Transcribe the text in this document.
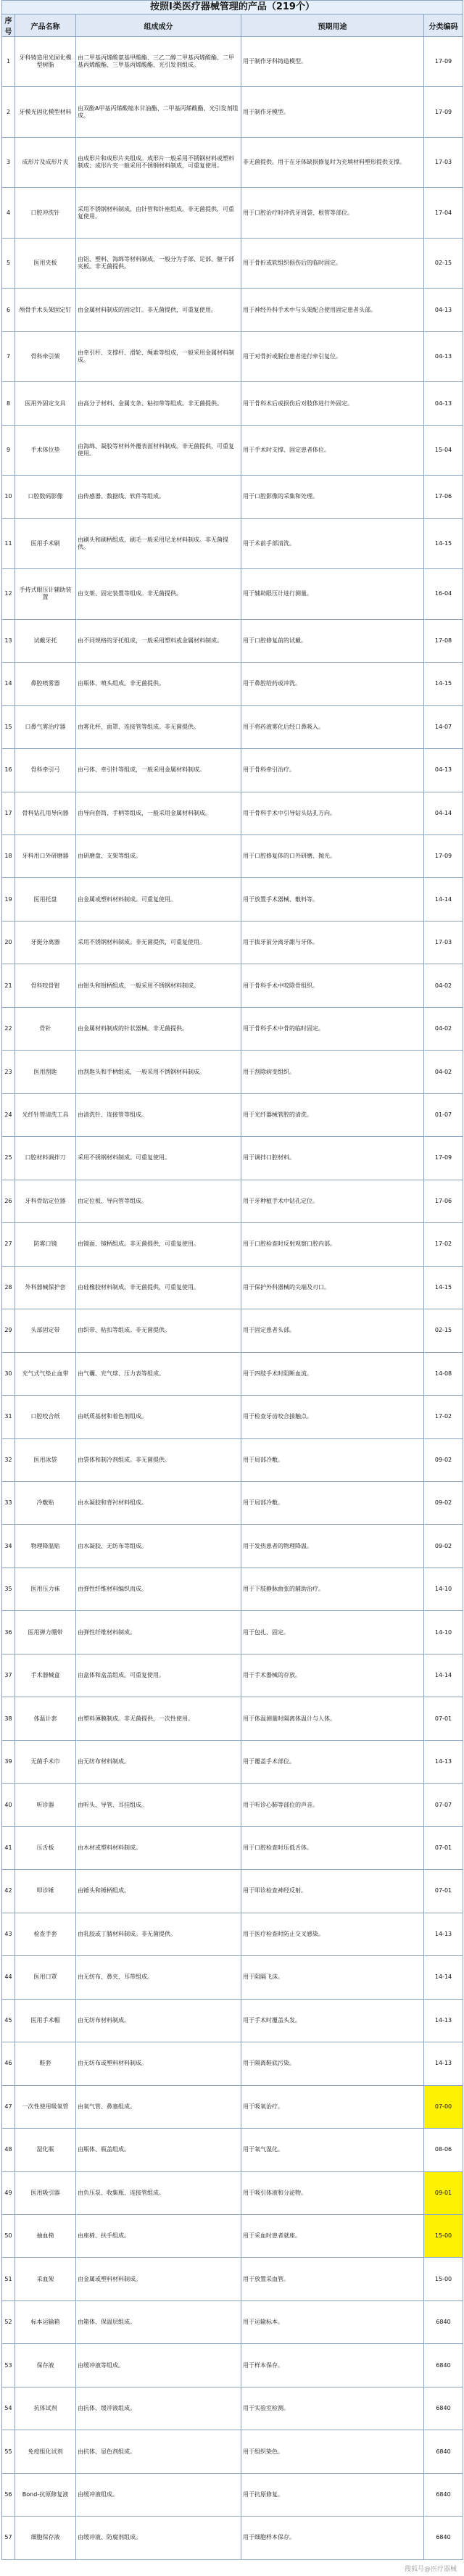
按照I类医疗器械管理的产品（219个）
序号	产品名称	组成成分	预期用途	分类编码
1	牙科铸造用光固化模型树脂	由二甲基丙烯酸氨基甲酸酯、三乙二醇二甲基丙烯酸酯、二甲基丙烯酸酯、三甲基丙烯酸酯、光引发剂组成。	用于制作牙科铸造模型。	17-09
2	牙模光固化模型材料	由双酚A甲基丙烯酸缩水甘油酯、二甲基丙烯酸酯、光引发剂组成。	用于制作牙模型。	17-09
3	成形片及成形片夹	由成形片和成形片夹组成。成形片一般采用不锈钢材料或塑料制成；成形片夹一般采用不锈钢材料制成，可重复使用。	非无菌提供。用于在牙体缺损修复时为充填材料塑形提供支撑。	17-03
4	口腔冲洗针	采用不锈钢材料制成，由针管和针座组成。非无菌提供，可重复使用。	用于口腔治疗时冲洗牙周袋、根管等部位。	17-04
5	医用夹板	由铝、塑料、海绵等材料制成，一般分为手部、足部、躯干部夹板。非无菌提供。	用于骨折或软组织损伤后的临时固定。	02-15
6	颅骨手术头架固定钉	由金属材料制成的固定钉。非无菌提供，可重复使用。	用于神经外科手术中与头架配合使用固定患者头部。	04-13
7	骨科牵引架	由牵引杆、支撑杆、滑轮、绳索等组成，一般采用金属材料制成。	用于对骨折或脱位患者进行牵引复位。	04-13
8	医用外固定支具	由高分子材料、金属支条、粘扣带等组成。非无菌提供。	用于骨科术后或损伤后对肢体进行外固定。	04-13
9	手术体位垫	由海绵、凝胶等材料外覆表面材料制成。非无菌提供，可重复使用。	用于手术时支撑、固定患者体位。	15-04
10	口腔数码影像	由传感器、数据线、软件等组成。	用于口腔影像的采集和处理。	17-06
11	医用手术刷	由刷头和刷柄组成，刷毛一般采用尼龙材料制成。非无菌提供。	用于术前手部清洗。	14-15
12	手持式眼压计辅助装置	由支架、固定装置等组成。非无菌提供。	用于辅助眼压计进行测量。	16-04
13	试戴牙托	由不同规格的牙托组成，一般采用塑料或金属材料制成。	用于口腔修复前的试戴。	17-08
14	鼻腔喷雾器	由瓶体、喷头组成。非无菌提供。	用于鼻腔给药或冲洗。	14-15
15	口鼻气雾治疗器	由雾化杯、面罩、连接管等组成。非无菌提供。	用于将药液雾化后经口鼻吸入。	14-07
16	骨科牵引弓	由弓体、牵引针等组成，一般采用金属材料制成。	用于骨科牵引治疗。	04-13
17	骨科钻孔用导向器	由导向套筒、手柄等组成，一般采用金属材料制成。	用于骨科手术中引导钻头钻孔方向。	04-14
18	牙科用口外研磨器	由研磨盘、支架等组成。	用于口腔修复体的口外研磨、抛光。	17-09
19	医用托盘	由金属或塑料材料制成。可重复使用。	用于放置手术器械、敷料等。	14-14
20	牙挺分离器	采用不锈钢材料制成。非无菌提供，可重复使用。	用于拔牙前分离牙龈与牙体。	17-03
21	骨科咬骨钳	由钳头和钳柄组成，一般采用不锈钢材料制成。	用于骨科手术中咬除骨组织。	04-02
22	骨针	由金属材料制成的针状器械。非无菌提供。	用于骨科手术中骨的临时固定。	04-02
23	医用刮匙	由刮匙头和手柄组成，一般采用不锈钢材料制成。	用于刮除病变组织。	04-02
24	光纤针管清洗工具	由清洗针、连接管等组成。	用于光纤器械管腔的清洗。	01-07
25	口腔材料调拌刀	采用不锈钢材料制成。可重复使用。	用于调拌口腔材料。	17-09
26	牙科骨钻定位器	由定位板、导向管等组成。	用于牙种植手术中钻孔定位。	17-06
27	防雾口镜	由镜面、镜柄组成。非无菌提供，可重复使用。	用于口腔检查时反射观察口腔内部。	17-02
28	外科器械保护套	由硅橡胶材料制成。非无菌提供，可重复使用。	用于保护外科器械的尖端及刃口。	14-15
29	头部固定带	由织带、粘扣等组成。非无菌提供。	用于固定患者头部。	02-15
30	充气式气垫止血带	由气囊、充气球、压力表等组成。	用于四肢手术时阻断血流。	14-08
31	口腔咬合纸	由纸质基材和着色剂组成。	用于检查牙齿咬合接触点。	17-02
32	医用冰袋	由袋体和制冷剂组成。非无菌提供。	用于局部冷敷。	09-02
33	冷敷贴	由水凝胶和背衬材料组成。	用于局部冷敷。	09-02
34	物理降温贴	由水凝胶、无纺布等组成。	用于发热患者的物理降温。	09-02
35	医用压力袜	由弹性纤维材料编织而成。	用于下肢静脉曲张的辅助治疗。	14-10
36	医用弹力绷带	由弹性纤维材料制成。	用于包扎、固定。	14-10
37	手术器械盒	由盒体和盒盖组成。可重复使用。	用于手术器械的存放。	14-14
38	体温计套	由塑料薄膜制成。非无菌提供，一次性使用。	用于体温测量时隔离体温计与人体。	07-01
39	无菌手术巾	由无纺布材料制成。	用于覆盖手术部位。	14-13
40	听诊器	由听头、导管、耳挂组成。	用于听诊心肺等部位的声音。	07-07
41	压舌板	由木材或塑料材料制成。	用于口腔检查时压低舌体。	07-01
42	叩诊锤	由锤头和锤柄组成。	用于叩诊检查神经反射。	07-01
43	检查手套	由乳胶或丁腈材料制成。非无菌提供。	用于医疗检查时防止交叉感染。	14-13
44	医用口罩	由无纺布、鼻夹、耳带组成。	用于阻隔飞沫。	14-14
45	医用手术帽	由无纺布材料制成。	用于手术时覆盖头发。	14-13
46	鞋套	由无纺布或塑料材料制成。	用于隔离鞋底污染。	14-13
47	一次性使用吸氧管	由氧气管、鼻塞组成。	用于吸氧治疗。	07-00
48	湿化瓶	由瓶体、瓶盖组成。	用于氧气湿化。	08-06
49	医用吸引器	由负压泵、收集瓶、连接管组成。	用于吸引体液和分泌物。	09-01
50	抽血椅	由座椅、扶手组成。	用于采血时患者就座。	15-00
51	采血架	由金属或塑料材料制成。	用于放置采血管。	15-00
52	标本运输箱	由箱体、保温层组成。	用于运输标本。	6840
53	保存液	由缓冲液等组成。	用于样本保存。	6840
54	抗体试剂	由抗体、缓冲液组成。	用于实验室检测。	6840
55	免疫组化试剂	由抗体、显色剂组成。	用于组织染色。	6840
56	Bond-抗原修复液	由缓冲液组成。	用于抗原修复。	6840
57	细胞保存液	由缓冲液、防腐剂组成。	用于细胞样本保存。	6840
搜狐号@医疗器械
